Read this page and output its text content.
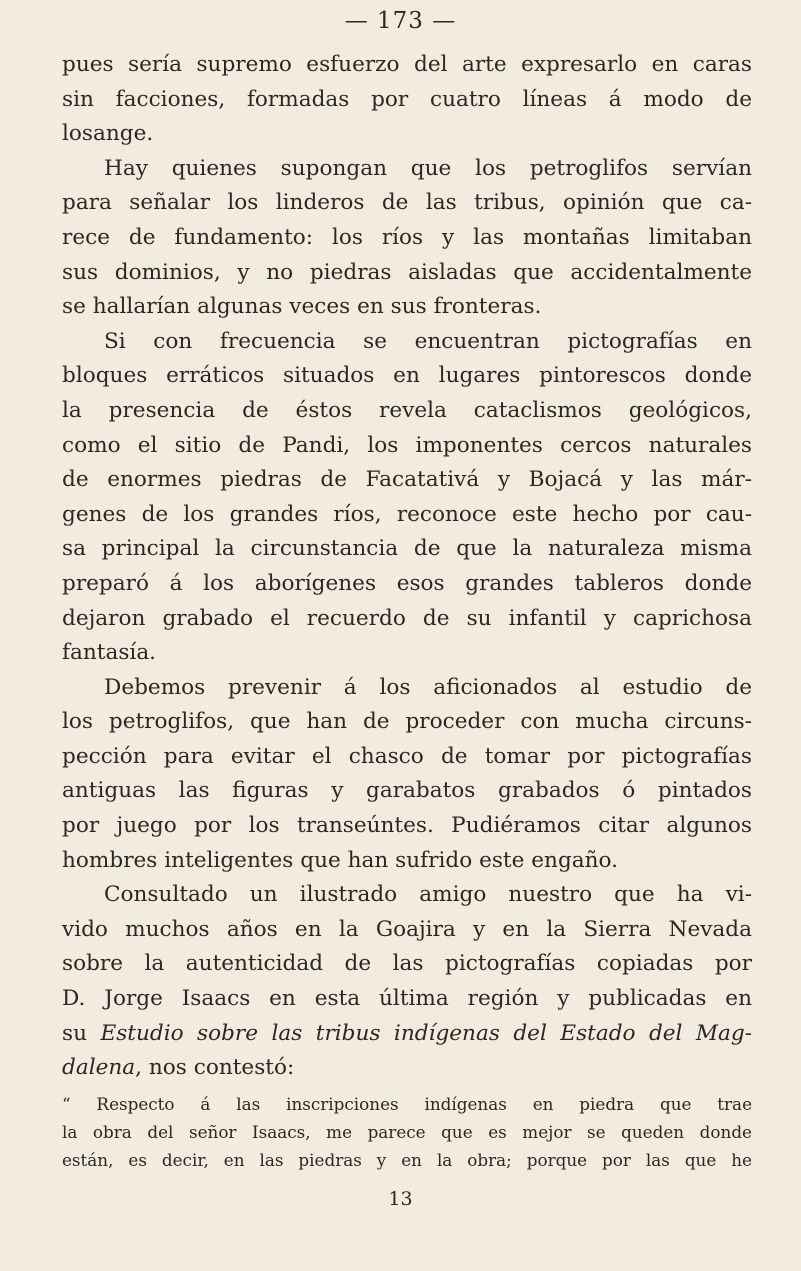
— 173 —
pues sería supremo esfuerzo del arte expresarlo en caras
sin facciones, formadas por cuatro líneas á modo de
losange.
Hay quienes supongan que los petroglifos servían
para señalar los linderos de las tribus, opinión que ca-
rece de fundamento: los ríos y las montañas limitaban
sus dominios, y no piedras aisladas que accidentalmente
se hallarían algunas veces en sus fronteras.
Si con frecuencia se encuentran pictografías en
bloques erráticos situados en lugares pintorescos donde
la presencia de éstos revela cataclismos geológicos,
como el sitio de Pandi, los imponentes cercos naturales
de enormes piedras de Facatativá y Bojacá y las már-
genes de los grandes ríos, reconoce este hecho por cau-
sa principal la circunstancia de que la naturaleza misma
preparó á los aborígenes esos grandes tableros donde
dejaron grabado el recuerdo de su infantil y caprichosa
fantasía.
Debemos prevenir á los aficionados al estudio de
los petroglifos, que han de proceder con mucha circuns-
pección para evitar el chasco de tomar por pictografías
antiguas las figuras y garabatos grabados ó pintados
por juego por los transeúntes. Pudiéramos citar algunos
hombres inteligentes que han sufrido este engaño.
Consultado un ilustrado amigo nuestro que ha vi-
vido muchos años en la Goajira y en la Sierra Nevada
sobre la autenticidad de las pictografías copiadas por
D. Jorge Isaacs en esta última región y publicadas en
su Estudio sobre las tribus indígenas del Estado del Mag-
dalena, nos contestó:
“ Respecto á las inscripciones indígenas en piedra que trae
la obra del señor Isaacs, me parece que es mejor se queden donde
están, es decir, en las piedras y en la obra; porque por las que he
13
